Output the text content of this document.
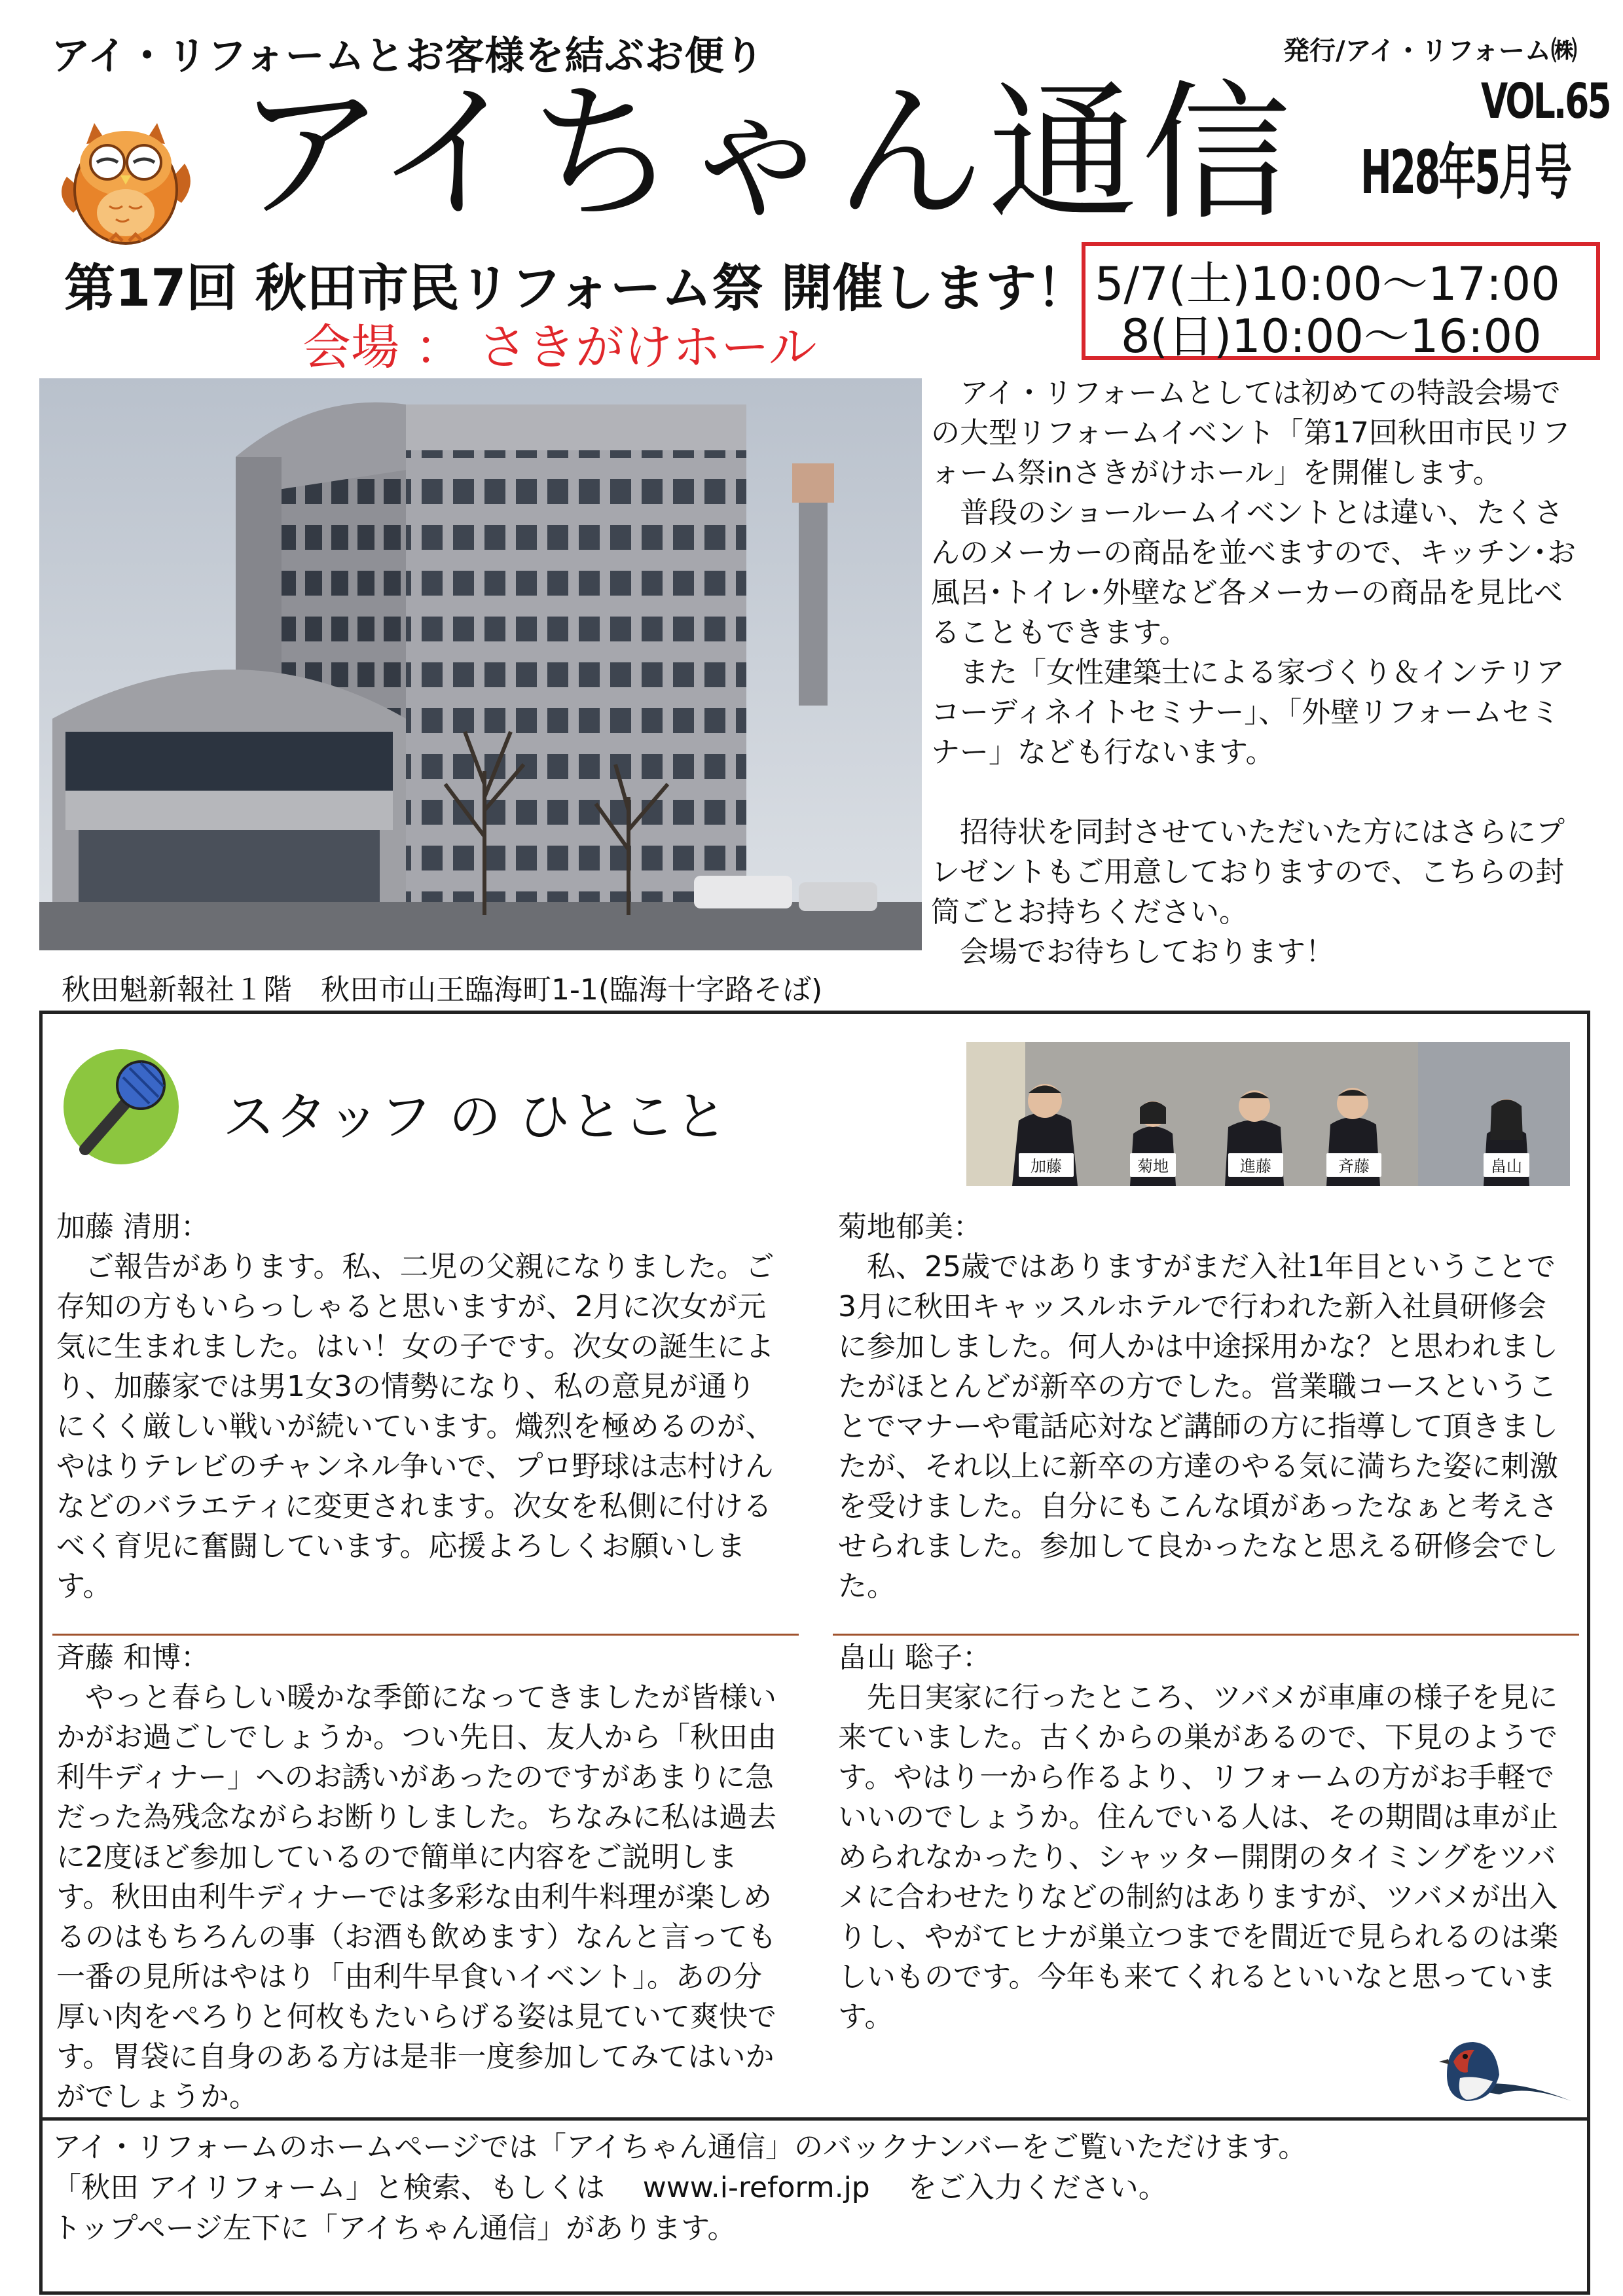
アイ・リフォームとお客様を結ぶお便り	発行/アイ・リフォーム㈱
VOL.65
H28年5月号
アイちゃん通信
第17回 秋田市民リフォーム祭 開催します！
会場 ： さきがけホール
5/7(土)10:00～17:00
8(日)10:00～16:00
秋田魁新報社１階　秋田市山王臨海町1-1(臨海十字路そば)

アイ・リフォームとしては初めての特設会場での大型リフォームイベント「第17回秋田市民リフォーム祭inさきがけホール」を開催します。

普段のショールームイベントとは違い、たくさんのメーカーの商品を並べますので、キッチン･お風呂･トイレ･外壁など各メーカーの商品を見比べることもできます。

また「女性建築士による家づくり＆インテリアコーディネイトセミナー」、「外壁リフォームセミナー」なども行ないます。

招待状を同封させていただいた方にはさらにプレゼントもご用意しておりますので、こちらの封筒ごとお持ちください。

会場でお待ちしております！

スタッフ の ひとこと
加藤	菊地	進藤	斉藤	畠山

加藤 清朋：

ご報告があります。私、二児の父親になりました。ご存知の方もいらっしゃると思いますが、2月に次女が元気に生まれました。はい！女の子です。次女の誕生により、加藤家では男1女3の情勢になり、私の意見が通りにくく厳しい戦いが続いています。熾烈を極めるのが、やはりテレビのチャンネル争いで、プロ野球は志村けんなどのバラエティに変更されます。次女を私側に付けるべく育児に奮闘しています。応援よろしくお願いします。

菊地郁美：

私、25歳ではありますがまだ入社1年目ということで3月に秋田キャッスルホテルで行われた新入社員研修会に参加しました。何人かは中途採用かな？と思われましたがほとんどが新卒の方でした。営業職コースということでマナーや電話応対など講師の方に指導して頂きましたが、それ以上に新卒の方達のやる気に満ちた姿に刺激を受けました。自分にもこんな頃があったなぁと考えさせられました。参加して良かったなと思える研修会でした。

斉藤 和博：

やっと春らしい暖かな季節になってきましたが皆様いかがお過ごしでしょうか。つい先日、友人から「秋田由利牛ディナー」へのお誘いがあったのですがあまりに急だった為残念ながらお断りしました。ちなみに私は過去に2度ほど参加しているので簡単に内容をご説明します。秋田由利牛ディナーでは多彩な由利牛料理が楽しめるのはもちろんの事（お酒も飲めます）なんと言っても一番の見所はやはり「由利牛早食いイベント」。あの分厚い肉をぺろりと何枚もたいらげる姿は見ていて爽快です。胃袋に自身のある方は是非一度参加してみてはいかがでしょうか。

畠山 聡子：

先日実家に行ったところ、ツバメが車庫の様子を見に来ていました。古くからの巣があるので、下見のようです。やはり一から作るより、リフォームの方がお手軽でいいのでしょうか。住んでいる人は、その期間は車が止められなかったり、シャッター開閉のタイミングをツバメに合わせたりなどの制約はありますが、ツバメが出入りし、やがてヒナが巣立つまでを間近で見られるのは楽しいものです。今年も来てくれるといいなと思っています。

アイ・リフォームのホームページでは「アイちゃん通信」のバックナンバーをご覧いただけます。
「秋田 アイリフォーム」と検索、もしくは　 www.i-reform.jp 　をご入力ください。
トップページ左下に「アイちゃん通信」があります。
